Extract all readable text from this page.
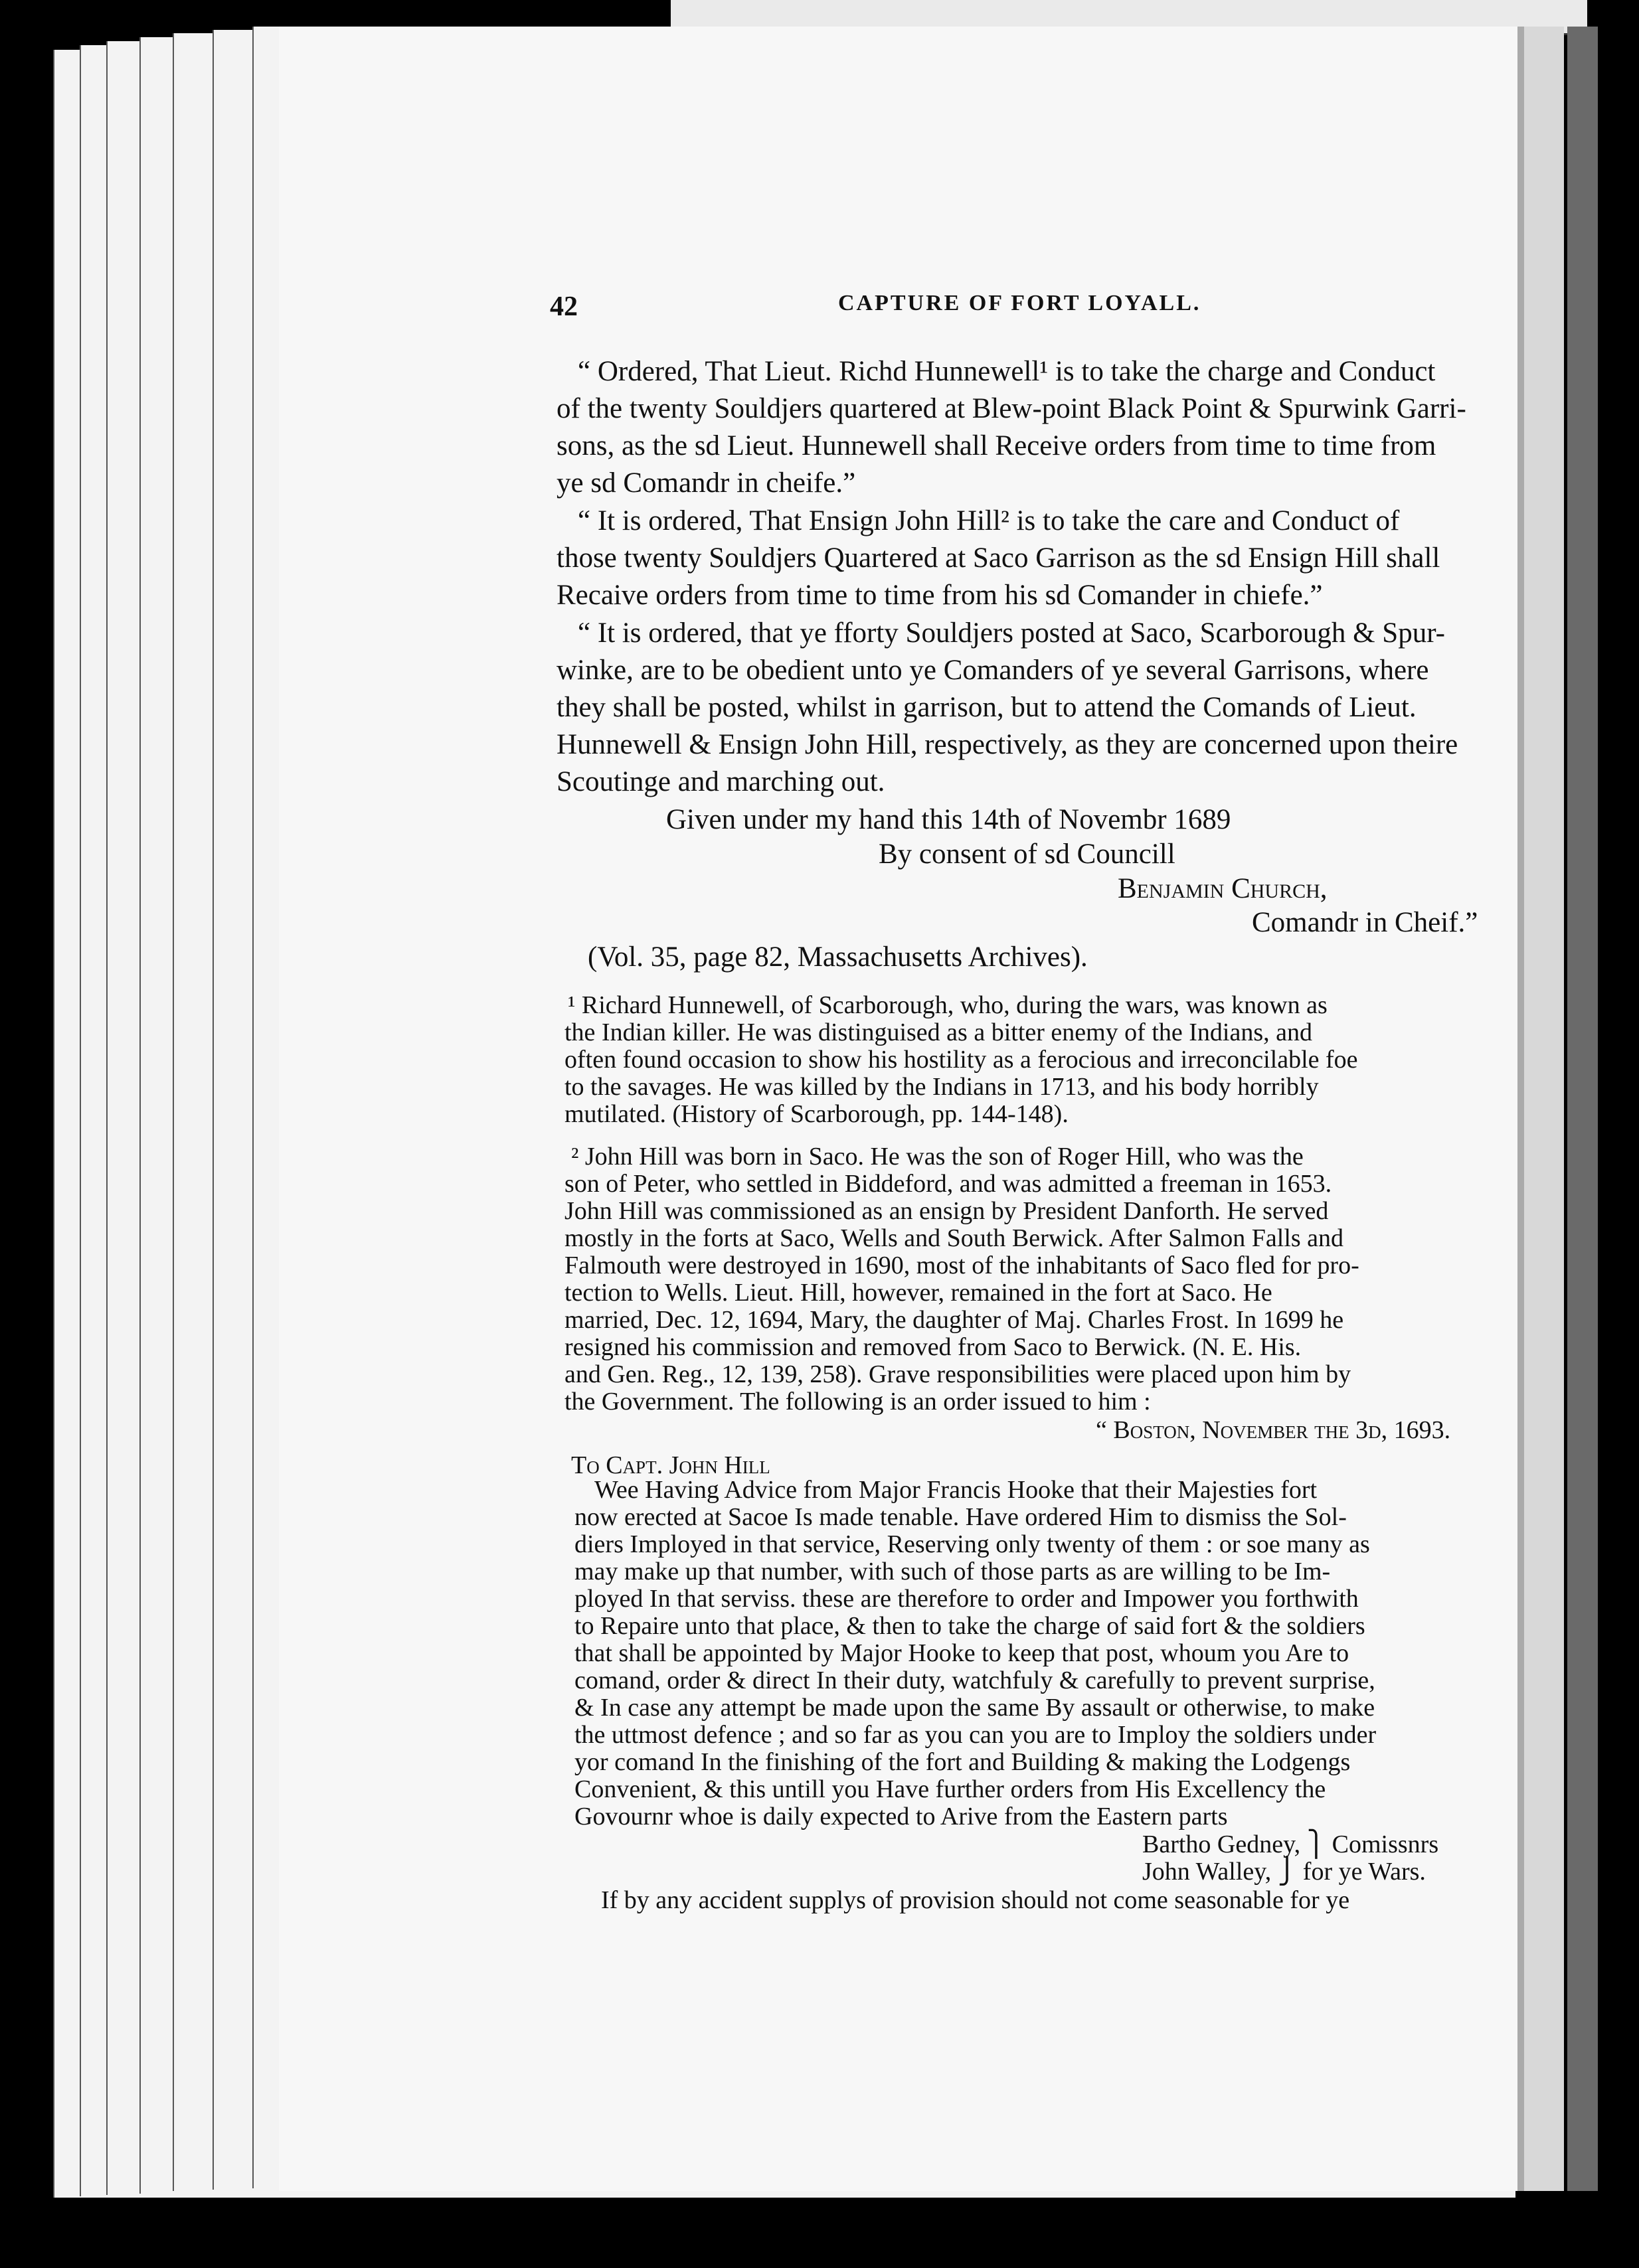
42	CAPTURE OF FORT LOYALL.
“ Ordered, That Lieut. Richd Hunnewell¹ is to take the charge and Conduct
of the twenty Souldjers quartered at Blew-point Black Point & Spurwink Garri-
sons, as the sd Lieut. Hunnewell shall Receive orders from time to time from
ye sd Comandr in cheife.”
“ It is ordered, That Ensign John Hill² is to take the care and Conduct of
those twenty Souldjers Quartered at Saco Garrison as the sd Ensign Hill shall
Recaive orders from time to time from his sd Comander in chiefe.”
“ It is ordered, that ye fforty Souldjers posted at Saco, Scarborough & Spur-
winke, are to be obedient unto ye Comanders of ye several Garrisons, where
they shall be posted, whilst in garrison, but to attend the Comands of Lieut.
Hunnewell & Ensign John Hill, respectively, as they are concerned upon theire
Scoutinge and marching out.
Given under my hand this 14th of Novembr 1689
By consent of sd Councill
Benjamin Church,
Comandr in Cheif.”
(Vol. 35, page 82, Massachusetts Archives).
¹ Richard Hunnewell, of Scarborough, who, during the wars, was known as
the Indian killer. He was distinguised as a bitter enemy of the Indians, and
often found occasion to show his hostility as a ferocious and irreconcilable foe
to the savages. He was killed by the Indians in 1713, and his body horribly
mutilated. (History of Scarborough, pp. 144-148).
² John Hill was born in Saco. He was the son of Roger Hill, who was the
son of Peter, who settled in Biddeford, and was admitted a freeman in 1653.
John Hill was commissioned as an ensign by President Danforth. He served
mostly in the forts at Saco, Wells and South Berwick. After Salmon Falls and
Falmouth were destroyed in 1690, most of the inhabitants of Saco fled for pro-
tection to Wells. Lieut. Hill, however, remained in the fort at Saco. He
married, Dec. 12, 1694, Mary, the daughter of Maj. Charles Frost. In 1699 he
resigned his commission and removed from Saco to Berwick. (N. E. His.
and Gen. Reg., 12, 139, 258). Grave responsibilities were placed upon him by
the Government. The following is an order issued to him :
“ Boston, November the 3d, 1693.
To Capt. John Hill
Wee Having Advice from Major Francis Hooke that their Majesties fort
now erected at Sacoe Is made tenable. Have ordered Him to dismiss the Sol-
diers Imployed in that service, Reserving only twenty of them : or soe many as
may make up that number, with such of those parts as are willing to be Im-
ployed In that serviss. these are therefore to order and Impower you forthwith
to Repaire unto that place, & then to take the charge of said fort & the soldiers
that shall be appointed by Major Hooke to keep that post, whoum you Are to
comand, order & direct In their duty, watchfuly & carefully to prevent surprise,
& In case any attempt be made upon the same By assault or otherwise, to make
the uttmost defence ; and so far as you can you are to Imploy the soldiers under
yor comand In the finishing of the fort and Building & making the Lodgengs
Convenient, & this untill you Have further orders from His Excellency the
Govournr whoe is daily expected to Arive from the Eastern parts
Bartho Gedney, ⎫ Comissnrs
John Walley, ⎭ for ye Wars.
If by any accident supplys of provision should not come seasonable for ye
